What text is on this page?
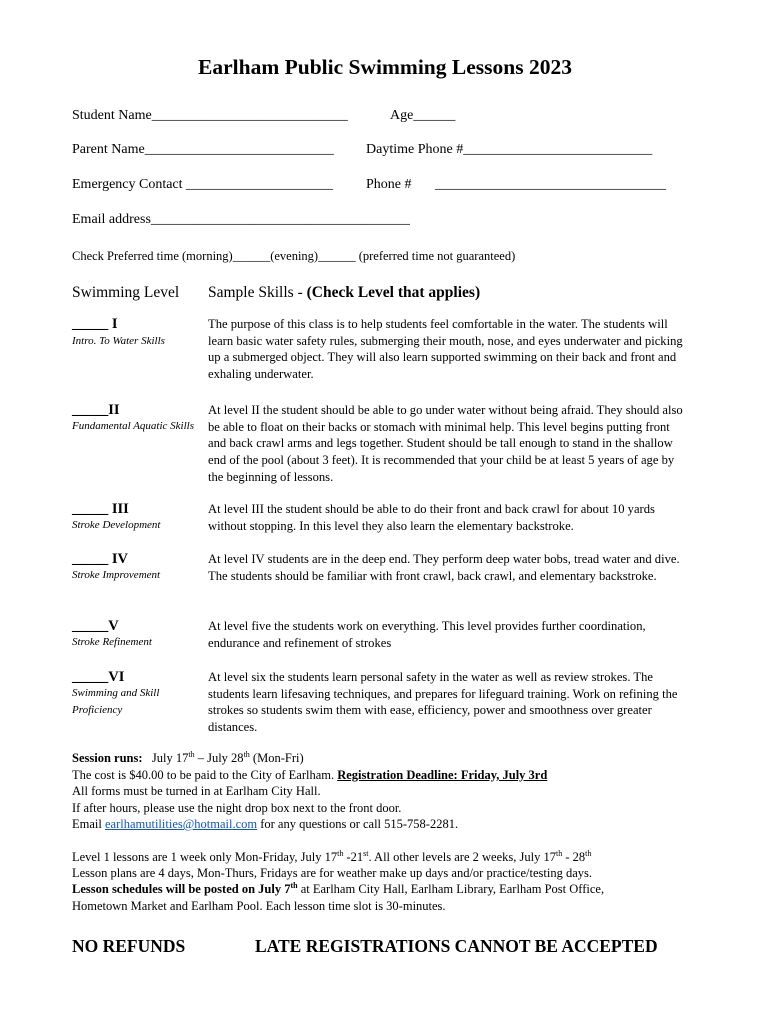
Earlham Public Swimming Lessons 2023
Student Name____________________________	Age______
Parent Name___________________________ Daytime Phone #___________________________
Emergency Contact _____________________ Phone # _________________________________
Email address_____________________________________
Check Preferred time (morning)______(evening)______ (preferred time not guaranteed)
Swimming Level Sample Skills - (Check Level that applies)
_____ I
Intro. To Water Skills
The purpose of this class is to help students feel comfortable in the water. The students will learn basic water safety rules, submerging their mouth, nose, and eyes underwater and picking up a submerged object. They will also learn supported swimming on their back and front and exhaling underwater.
_____II
Fundamental Aquatic Skills
At level II the student should be able to go under water without being afraid. They should also be able to float on their backs or stomach with minimal help. This level begins putting front and back crawl arms and legs together. Student should be tall enough to stand in the shallow end of the pool (about 3 feet). It is recommended that your child be at least 5 years of age by the beginning of lessons.
_____ III
Stroke Development
At level III the student should be able to do their front and back crawl for about 10 yards without stopping. In this level they also learn the elementary backstroke.
_____ IV
Stroke Improvement
At level IV students are in the deep end. They perform deep water bobs, tread water and dive. The students should be familiar with front crawl, back crawl, and elementary backstroke.
_____V
Stroke Refinement
At level five the students work on everything. This level provides further coordination, endurance and refinement of strokes
_____VI
Swimming and Skill
Proficiency
At level six the students learn personal safety in the water as well as review strokes. The students learn lifesaving techniques, and prepares for lifeguard training. Work on refining the strokes so students swim them with ease, efficiency, power and smoothness over greater distances.
Session runs: July 17th – July 28th (Mon-Fri)
The cost is $40.00 to be paid to the City of Earlham. Registration Deadline: Friday, July 3rd
All forms must be turned in at Earlham City Hall.
If after hours, please use the night drop box next to the front door.
Email earlhamutilities@hotmail.com for any questions or call 515-758-2281.
Level 1 lessons are 1 week only Mon-Friday, July 17th -21st. All other levels are 2 weeks, July 17th - 28th
Lesson plans are 4 days, Mon-Thurs, Fridays are for weather make up days and/or practice/testing days.
Lesson schedules will be posted on July 7th at Earlham City Hall, Earlham Library, Earlham Post Office,
Hometown Market and Earlham Pool. Each lesson time slot is 30-minutes.
NO REFUNDS	LATE REGISTRATIONS CANNOT BE ACCEPTED
